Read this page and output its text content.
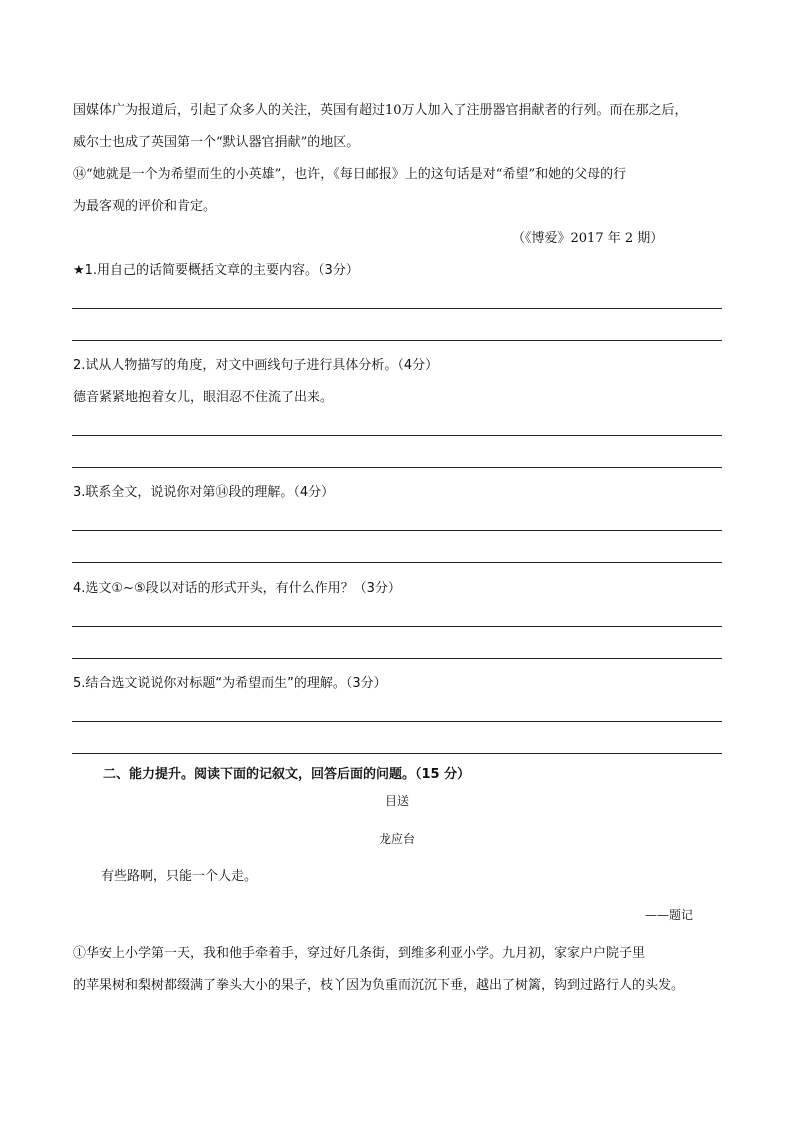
国媒体广为报道后，引起了众多人的关注，英国有超过10万人加入了注册器官捐献者的行列。而在那之后，
威尔士也成了英国第一个“默认器官捐献”的地区。
⑭“她就是一个为希望而生的小英雄”，也许，《每日邮报》上的这句话是对“希望”和她的父母的行
为最客观的评价和肯定。
（《博爱》2017 年 2 期）
★1.用自己的话简要概括文章的主要内容。（3分）
2.试从人物描写的角度，对文中画线句子进行具体分析。（4分）
德音紧紧地抱着女儿，眼泪忍不住流了出来。
3.联系全文，说说你对第⑭段的理解。（4分）
4.选文①~⑤段以对话的形式开头，有什么作用？（3分）
5.结合选文说说你对标题“为希望而生”的理解。（3分）
二、能力提升。阅读下面的记叙文，回答后面的问题。（15 分）
目送
龙应台
有些路啊，只能一个人走。
——题记
①华安上小学第一天，我和他手牵着手，穿过好几条街，到维多利亚小学。九月初，家家户户院子里
的苹果树和梨树都缀满了拳头大小的果子，枝丫因为负重而沉沉下垂，越出了树篱，钩到过路行人的头发。
